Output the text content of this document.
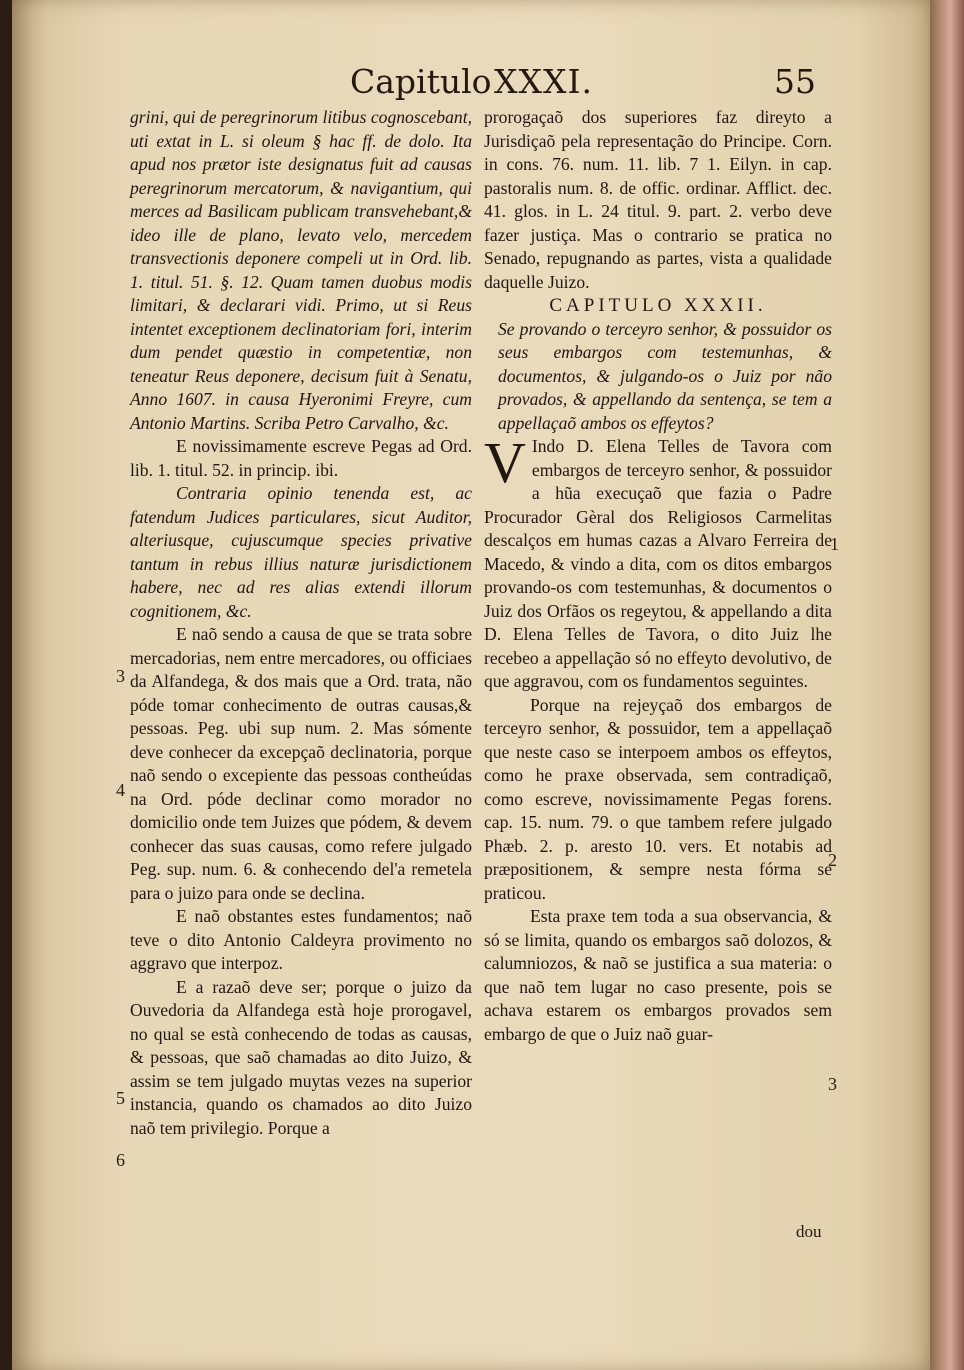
Capitulo XXXI.	55

grini, qui de peregrinorum litibus cognoscebant, uti extat in L. si oleum § hac ff. de dolo. Ita apud nos prætor iste designatus fuit ad causas peregrinorum mercatorum, & navigantium, qui merces ad Basilicam publicam transvehebant,& ideo ille de plano, levato velo, mercedem transvectionis deponere compeli ut in Ord. lib. 1. titul. 51. §. 12. Quam tamen duobus modis limitari, & declarari vidi. Primo, ut si Reus intentet exceptionem declinatoriam fori, interim dum pendet quæstio in competentiæ, non teneatur Reus deponere, decisum fuit à Senatu, Anno 1607. in causa Hyeronimi Freyre, cum Antonio Martins. Scriba Petro Carvalho, &c.

E novissimamente escreve Pegas ad Ord. lib. 1. titul. 52. in princip. ibi.

Contraria opinio tenenda est, ac fatendum Judices particulares, sicut Auditor, alteriusque, cujuscumque species privative tantum in rebus illius naturæ jurisdictionem habere, nec ad res alias extendi illorum cognitionem, &c.

E naõ sendo a causa de que se trata sobre mercadorias, nem entre mercadores, ou officiaes da Alfandega, & dos mais que a Ord. trata, não póde tomar conhecimento de outras causas,& pessoas. Peg. ubi sup num. 2. Mas sómente deve conhecer da excepçaõ declinatoria, porque naõ sendo o excepiente das pessoas contheúdas na Ord. póde declinar como morador no domicilio onde tem Juizes que pódem, & devem conhecer das suas causas, como refere julgado Peg. sup. num. 6. & conhecendo del'a remetela para o juizo para onde se declina.

E naõ obstantes estes fundamentos; naõ teve o dito Antonio Caldeyra provimento no aggravo que interpoz.

E a razaõ deve ser; porque o juizo da Ouvedoria da Alfandega està hoje prorogavel, no qual se està conhecendo de todas as causas, & pessoas, que saõ chamadas ao dito Juizo, & assim se tem julgado muytas vezes na superior instancia, quando os chamados ao dito Juizo naõ tem privilegio. Porque a

prorogaçaõ dos superiores faz direyto a Jurisdiçaõ pela representação do Principe. Corn. in cons. 76. num. 11. lib. 7 1. Eilyn. in cap. pastoralis num. 8. de offic. ordinar. Afflict. dec. 41. glos. in L. 24 titul. 9. part. 2. verbo deve fazer justiça. Mas o contrario se pratica no Senado, repugnando as partes, vista a qualidade daquelle Juizo.

CAPITULO XXXII.

Se provando o terceyro senhor, & possuidor os seus embargos com testemunhas, & documentos, & julgando-os o Juiz por não provados, & appellando da sentença, se tem a appellaçaõ ambos os effeytos?

V Indo D. Elena Telles de Tavora com embargos de terceyro senhor, & possuidor a hũa execuçaõ que fazia o Padre Procurador Gèral dos Religiosos Carmelitas descalços em humas cazas a Alvaro Ferreira de Macedo, & vindo a dita, com os ditos embargos provando-os com testemunhas, & documentos o Juiz dos Orfãos os regeytou, & appellando a dita D. Elena Telles de Tavora, o dito Juiz lhe recebeo a appellação só no effeyto devolutivo, de que aggravou, com os fundamentos seguintes.

Porque na rejeyçaõ dos embargos de terceyro senhor, & possuidor, tem a appellaçaõ que neste caso se interpoem ambos os effeytos, como he praxe observada, sem contradiçaõ, como escreve, novissimamente Pegas forens. cap. 15. num. 79. o que tambem refere julgado Phæb. 2. p. aresto 10. vers. Et notabis ad præpositionem, & sempre nesta fórma se praticou.

Esta praxe tem toda a sua observancia, & só se limita, quando os embargos saõ dolozos, & calumniozos, & naõ se justifica a sua materia: o que naõ tem lugar no caso presente, pois se achava estarem os embargos provados sem embargo de que o Juiz naõ guar-

3
4
5
6
1
2
3
dou
